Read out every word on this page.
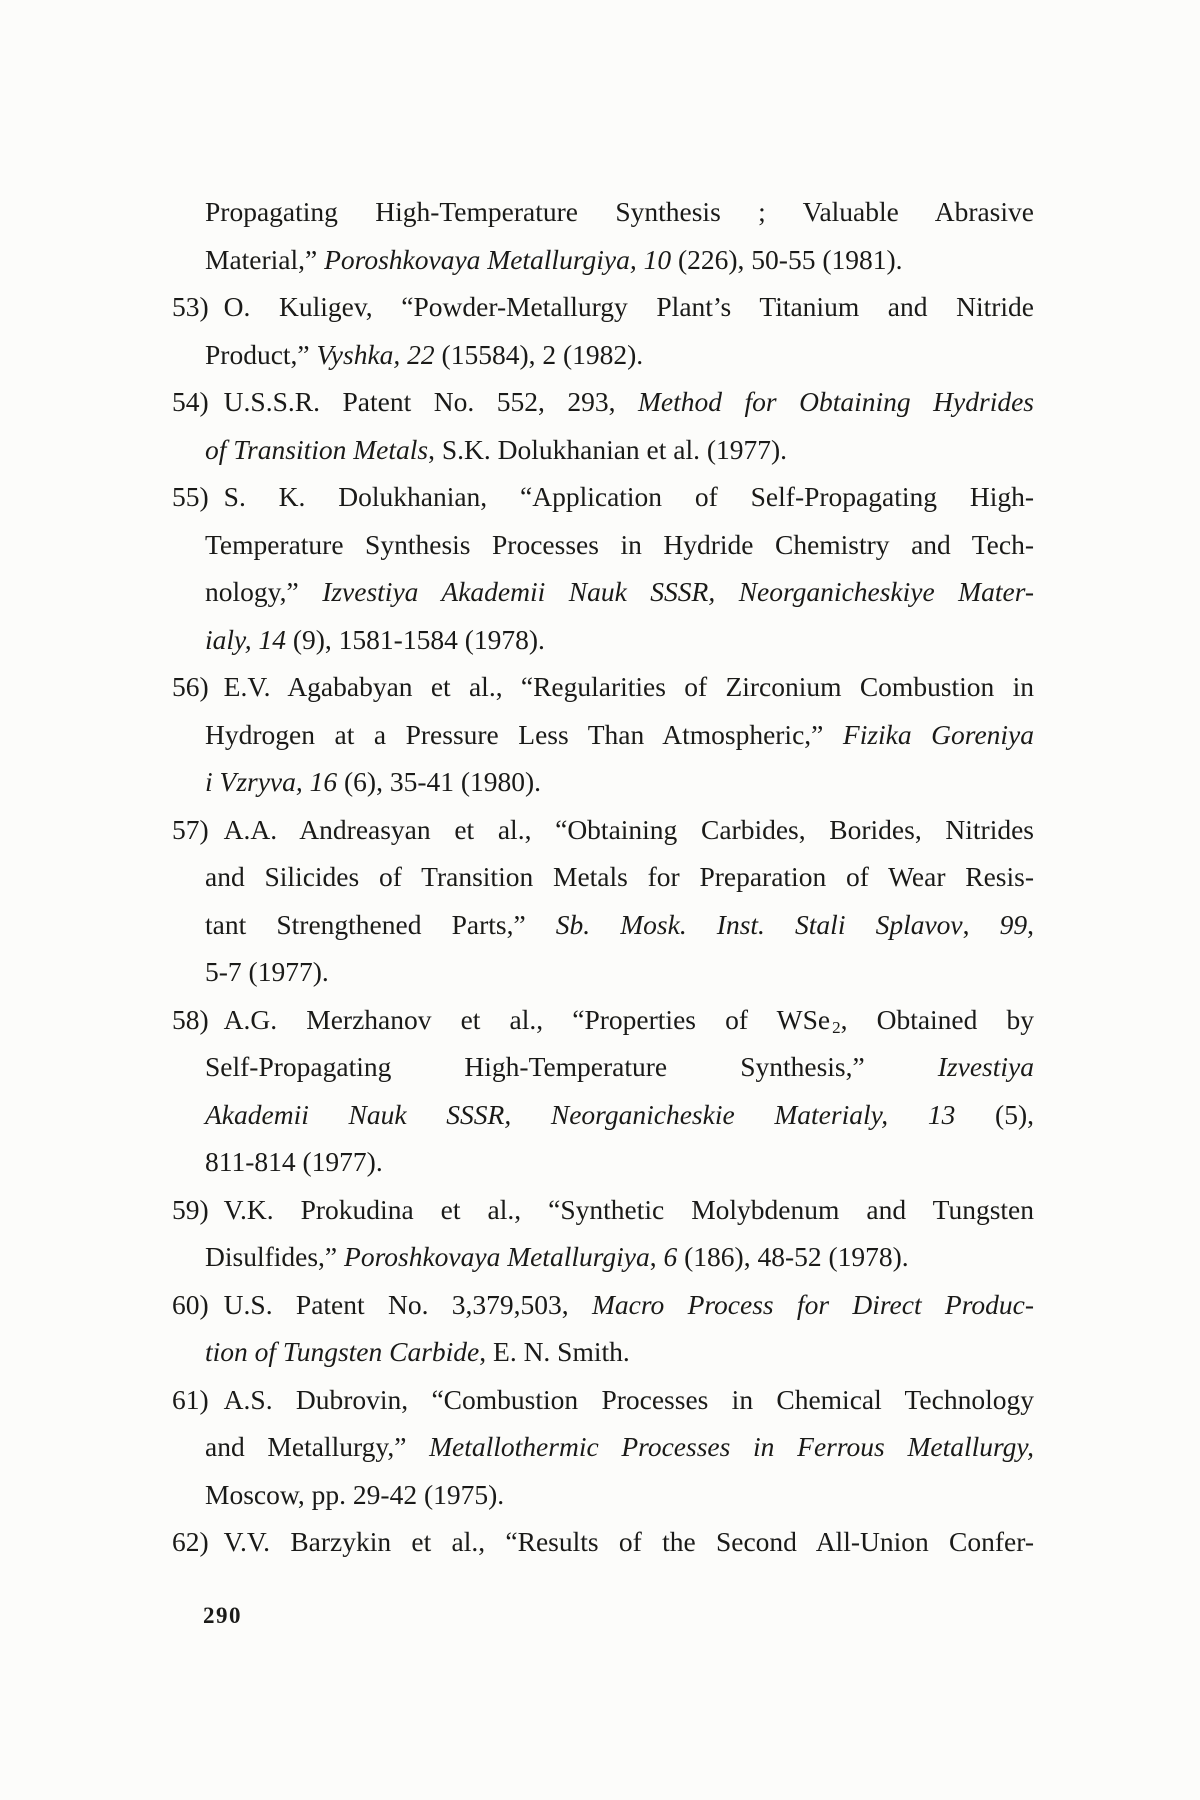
Propagating High-Temperature Synthesis ; Valuable Abrasive
Material,” Poroshkovaya Metallurgiya, 10 (226), 50-55 (1981).
53) O. Kuligev, “Powder-Metallurgy Plant’s Titanium and Nitride
Product,” Vyshka, 22 (15584), 2 (1982).
54) U.S.S.R. Patent No. 552, 293, Method for Obtaining Hydrides
of Transition Metals, S.K. Dolukhanian et al. (1977).
55) S. K. Dolukhanian, “Application of Self-Propagating High-
Temperature Synthesis Processes in Hydride Chemistry and Tech-
nology,” Izvestiya Akademii Nauk SSSR, Neorganicheskiye Mater-
ialy, 14 (9), 1581-1584 (1978).
56) E.V. Agababyan et al., “Regularities of Zirconium Combustion in
Hydrogen at a Pressure Less Than Atmospheric,” Fizika Goreniya
i Vzryva, 16 (6), 35-41 (1980).
57) A.A. Andreasyan et al., “Obtaining Carbides, Borides, Nitrides
and Silicides of Transition Metals for Preparation of Wear Resis-
tant Strengthened Parts,” Sb. Mosk. Inst. Stali Splavov, 99,
5-7 (1977).
58) A.G. Merzhanov et al., “Properties of WSe $_2$, Obtained by
Self-Propagating High-Temperature Synthesis,” Izvestiya
Akademii Nauk SSSR, Neorganicheskie Materialy, 13 (5),
811-814 (1977).
59) V.K. Prokudina et al., “Synthetic Molybdenum and Tungsten
Disulfides,” Poroshkovaya Metallurgiya, 6 (186), 48-52 (1978).
60) U.S. Patent No. 3,379,503, Macro Process for Direct Produc-
tion of Tungsten Carbide, E. N. Smith.
61) A.S. Dubrovin, “Combustion Processes in Chemical Technology
and Metallurgy,” Metallothermic Processes in Ferrous Metallurgy,
Moscow, pp. 29-42 (1975).
62) V.V. Barzykin et al., “Results of the Second All-Union Confer-
290
